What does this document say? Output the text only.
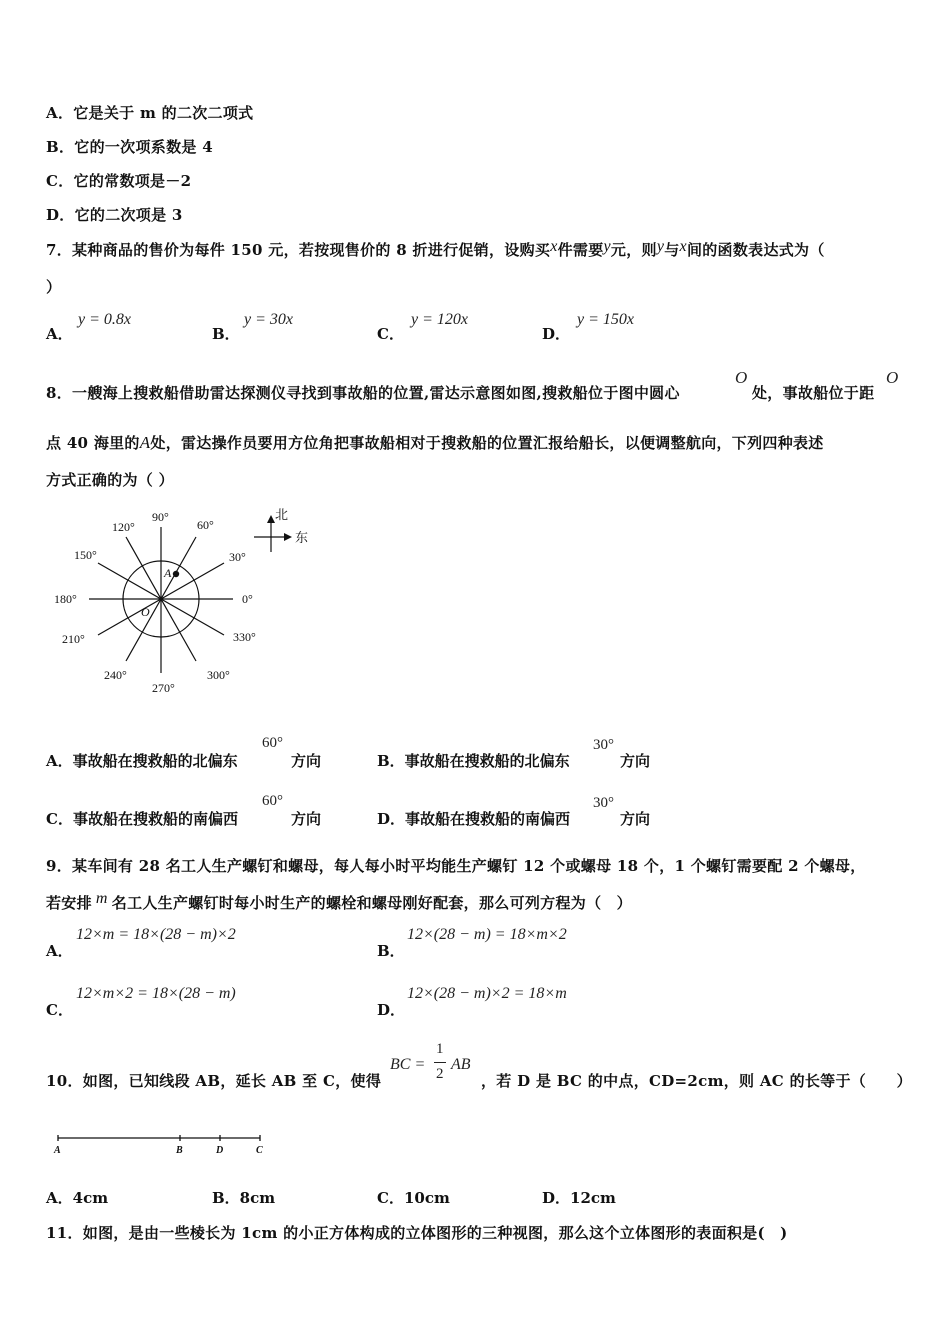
A．它是关于 m 的二次二项式
B．它的一次项系数是 4
C．它的常数项是－2
D．它的二次项是 3
7．某种商品的售价为每件 150 元，若按现售价的 8 折进行促销，设购买x件需要y元，则y与x间的函数表达式为（
）
A．
y = 0.8x
B．
y = 30x
C．
y = 120x
D．
y = 150x
8．一艘海上搜救船借助雷达探测仪寻找到事故船的位置,雷达示意图如图,搜救船位于图中圆心
O
处，事故船位于距
O
点 40 海里的A处，雷达操作员要用方位角把事故船相对于搜救船的位置汇报给船长，以便调整航向，下列四种表述
方式正确的为（ ）
A
O
90°
60°
120°
30°
150°
180°	0°
210°	330°
240°	300°
270°
北
东
A．事故船在搜救船的北偏东
60°
方向	B．事故船在搜救船的北偏东
30°
方向
C．事故船在搜救船的南偏西
60°
方向	D．事故船在搜救船的南偏西
30°
方向
9．某车间有 28 名工人生产螺钉和螺母，每人每小时平均能生产螺钉 12 个或螺母 18 个，1 个螺钉需要配 2 个螺母，
若安排 m 名工人生产螺钉时每小时生产的螺栓和螺母刚好配套，那么可列方程为（　）
A．
12×m = 18×(28 − m)×2
B．
12×(28 − m) = 18×m×2
C．
12×m×2 = 18×(28 − m)
D．
12×(28 − m)×2 = 18×m
10．如图，已知线段 AB，延长 AB 至 C，使得
BC =
1
2
AB
，若 D 是 BC 的中点，CD=2cm，则 AC 的长等于（　　）
A	B	D	C
A．4cm	B．8cm	C．10cm	D．12cm
11．如图，是由一些棱长为 1cm 的小正方体构成的立体图形的三种视图，那么这个立体图形的表面积是(　)
